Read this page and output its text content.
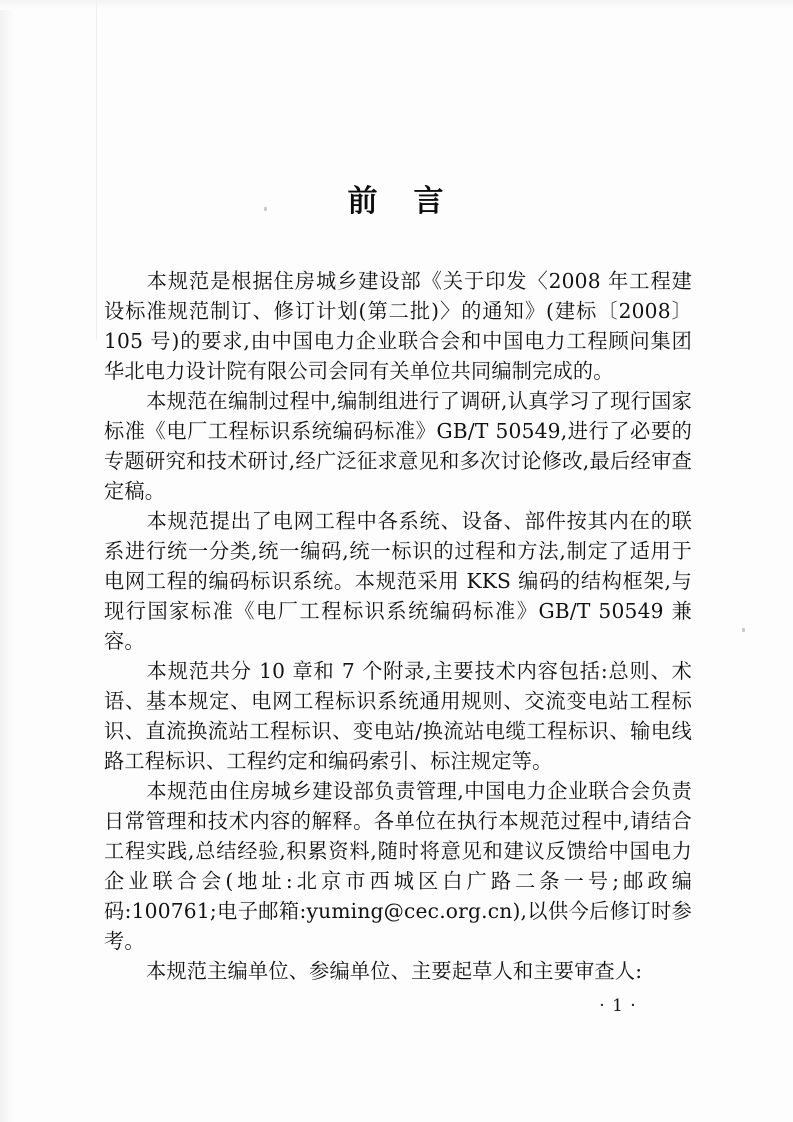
前 言

本规范是根据住房城乡建设部《关于印发〈2008 年工程建设标准规范制订、修订计划(第二批)〉的通知》(建标〔2008〕105 号)的要求,由中国电力企业联合会和中国电力工程顾问集团华北电力设计院有限公司会同有关单位共同编制完成的。

本规范在编制过程中,编制组进行了调研,认真学习了现行国家标准《电厂工程标识系统编码标准》GB/T 50549,进行了必要的专题研究和技术研讨,经广泛征求意见和多次讨论修改,最后经审查定稿。

本规范提出了电网工程中各系统、设备、部件按其内在的联系进行统一分类,统一编码,统一标识的过程和方法,制定了适用于电网工程的编码标识系统。本规范采用 KKS 编码的结构框架,与现行国家标准《电厂工程标识系统编码标准》GB/T 50549 兼容。

本规范共分 10 章和 7 个附录,主要技术内容包括:总则、术语、基本规定、电网工程标识系统通用规则、交流变电站工程标识、直流换流站工程标识、变电站/换流站电缆工程标识、输电线路工程标识、工程约定和编码索引、标注规定等。

本规范由住房城乡建设部负责管理,中国电力企业联合会负责日常管理和技术内容的解释。各单位在执行本规范过程中,请结合工程实践,总结经验,积累资料,随时将意见和建议反馈给中国电力企业联合会(地址:北京市西城区白广路二条一号;邮政编码:100761;电子邮箱:yuming@cec.org.cn),以供今后修订时参考。

本规范主编单位、参编单位、主要起草人和主要审查人:

· 1 ·
